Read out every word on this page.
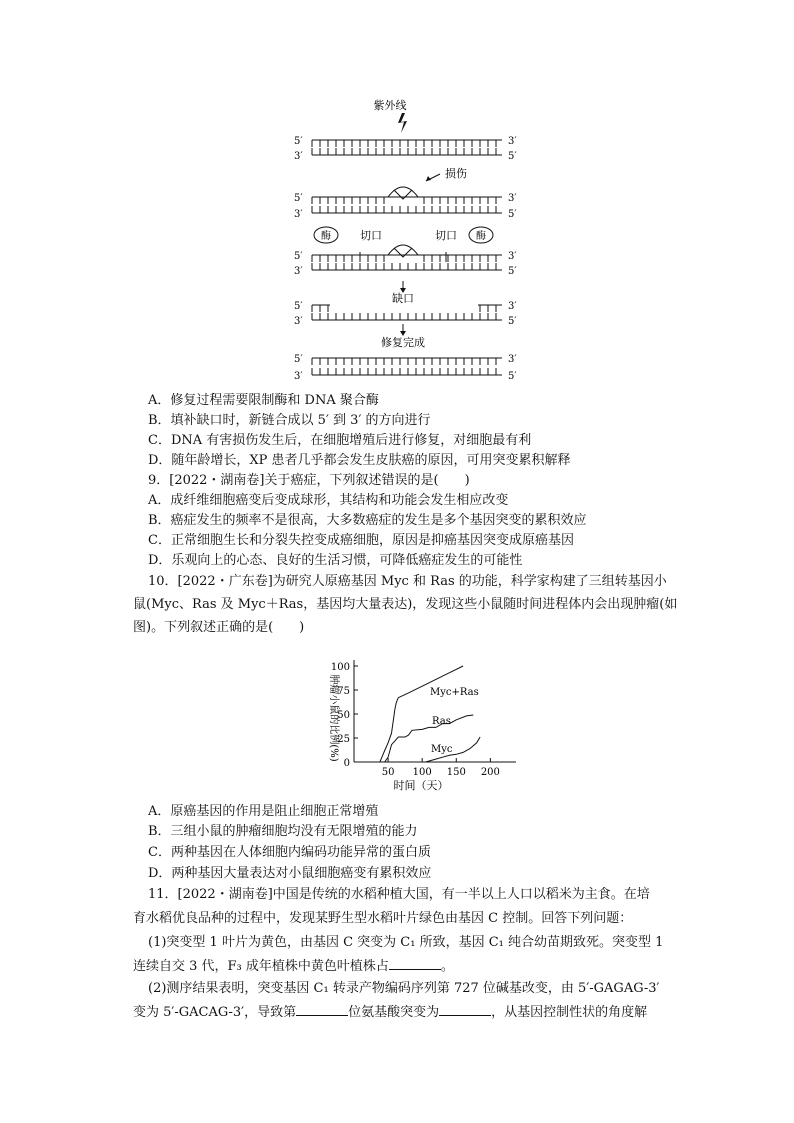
紫外线
损伤
酶	酶
切口	切口
缺口
修复完成
5′	3′
3′	5′
5′	3′
3′	5′
5′	3′
3′	5′
5′	3′
3′	5′
5′	3′
3′	5′
A．修复过程需要限制酶和 DNA 聚合酶
B．填补缺口时，新链合成以 5′ 到 3′ 的方向进行
C．DNA 有害损伤发生后，在细胞增殖后进行修复，对细胞最有利
D．随年龄增长，XP 患者几乎都会发生皮肤癌的原因，可用突变累积解释
9．[2022・湖南卷]关于癌症，下列叙述错误的是(　　)
A．成纤维细胞癌变后变成球形，其结构和功能会发生相应改变
B．癌症发生的频率不是很高，大多数癌症的发生是多个基因突变的累积效应
C．正常细胞生长和分裂失控变成癌细胞，原因是抑癌基因突变成原癌基因
D．乐观向上的心态、良好的生活习惯，可降低癌症发生的可能性
10．[2022・广东卷]为研究人原癌基因 Myc 和 Ras 的功能，科学家构建了三组转基因小
鼠(Myc、Ras 及 Myc＋Ras，基因均大量表达)，发现这些小鼠随时间进程体内会出现肿瘤(如
图)。下列叙述正确的是(　　)
肿瘤小鼠的比例(%)
时间（天）
0
25
50
75
100
50 100 150 200
Myc+Ras
Ras
Myc
A．原癌基因的作用是阻止细胞正常增殖
B．三组小鼠的肿瘤细胞均没有无限增殖的能力
C．两种基因在人体细胞内编码功能异常的蛋白质
D．两种基因大量表达对小鼠细胞癌变有累积效应
11．[2022・湖南卷]中国是传统的水稻种植大国，有一半以上人口以稻米为主食。在培
育水稻优良品种的过程中，发现某野生型水稻叶片绿色由基因 C 控制。回答下列问题：
(1)突变型 1 叶片为黄色，由基因 C 突变为 C₁ 所致，基因 C₁ 纯合幼苗期致死。突变型 1
连续自交 3 代，F₃ 成年植株中黄色叶植株占	。
(2)测序结果表明，突变基因 C₁ 转录产物编码序列第 727 位碱基改变，由 5′-GAGAG-3′
变为 5′-GACAG-3′，导致第	位氨基酸突变为	，从基因控制性状的角度解
